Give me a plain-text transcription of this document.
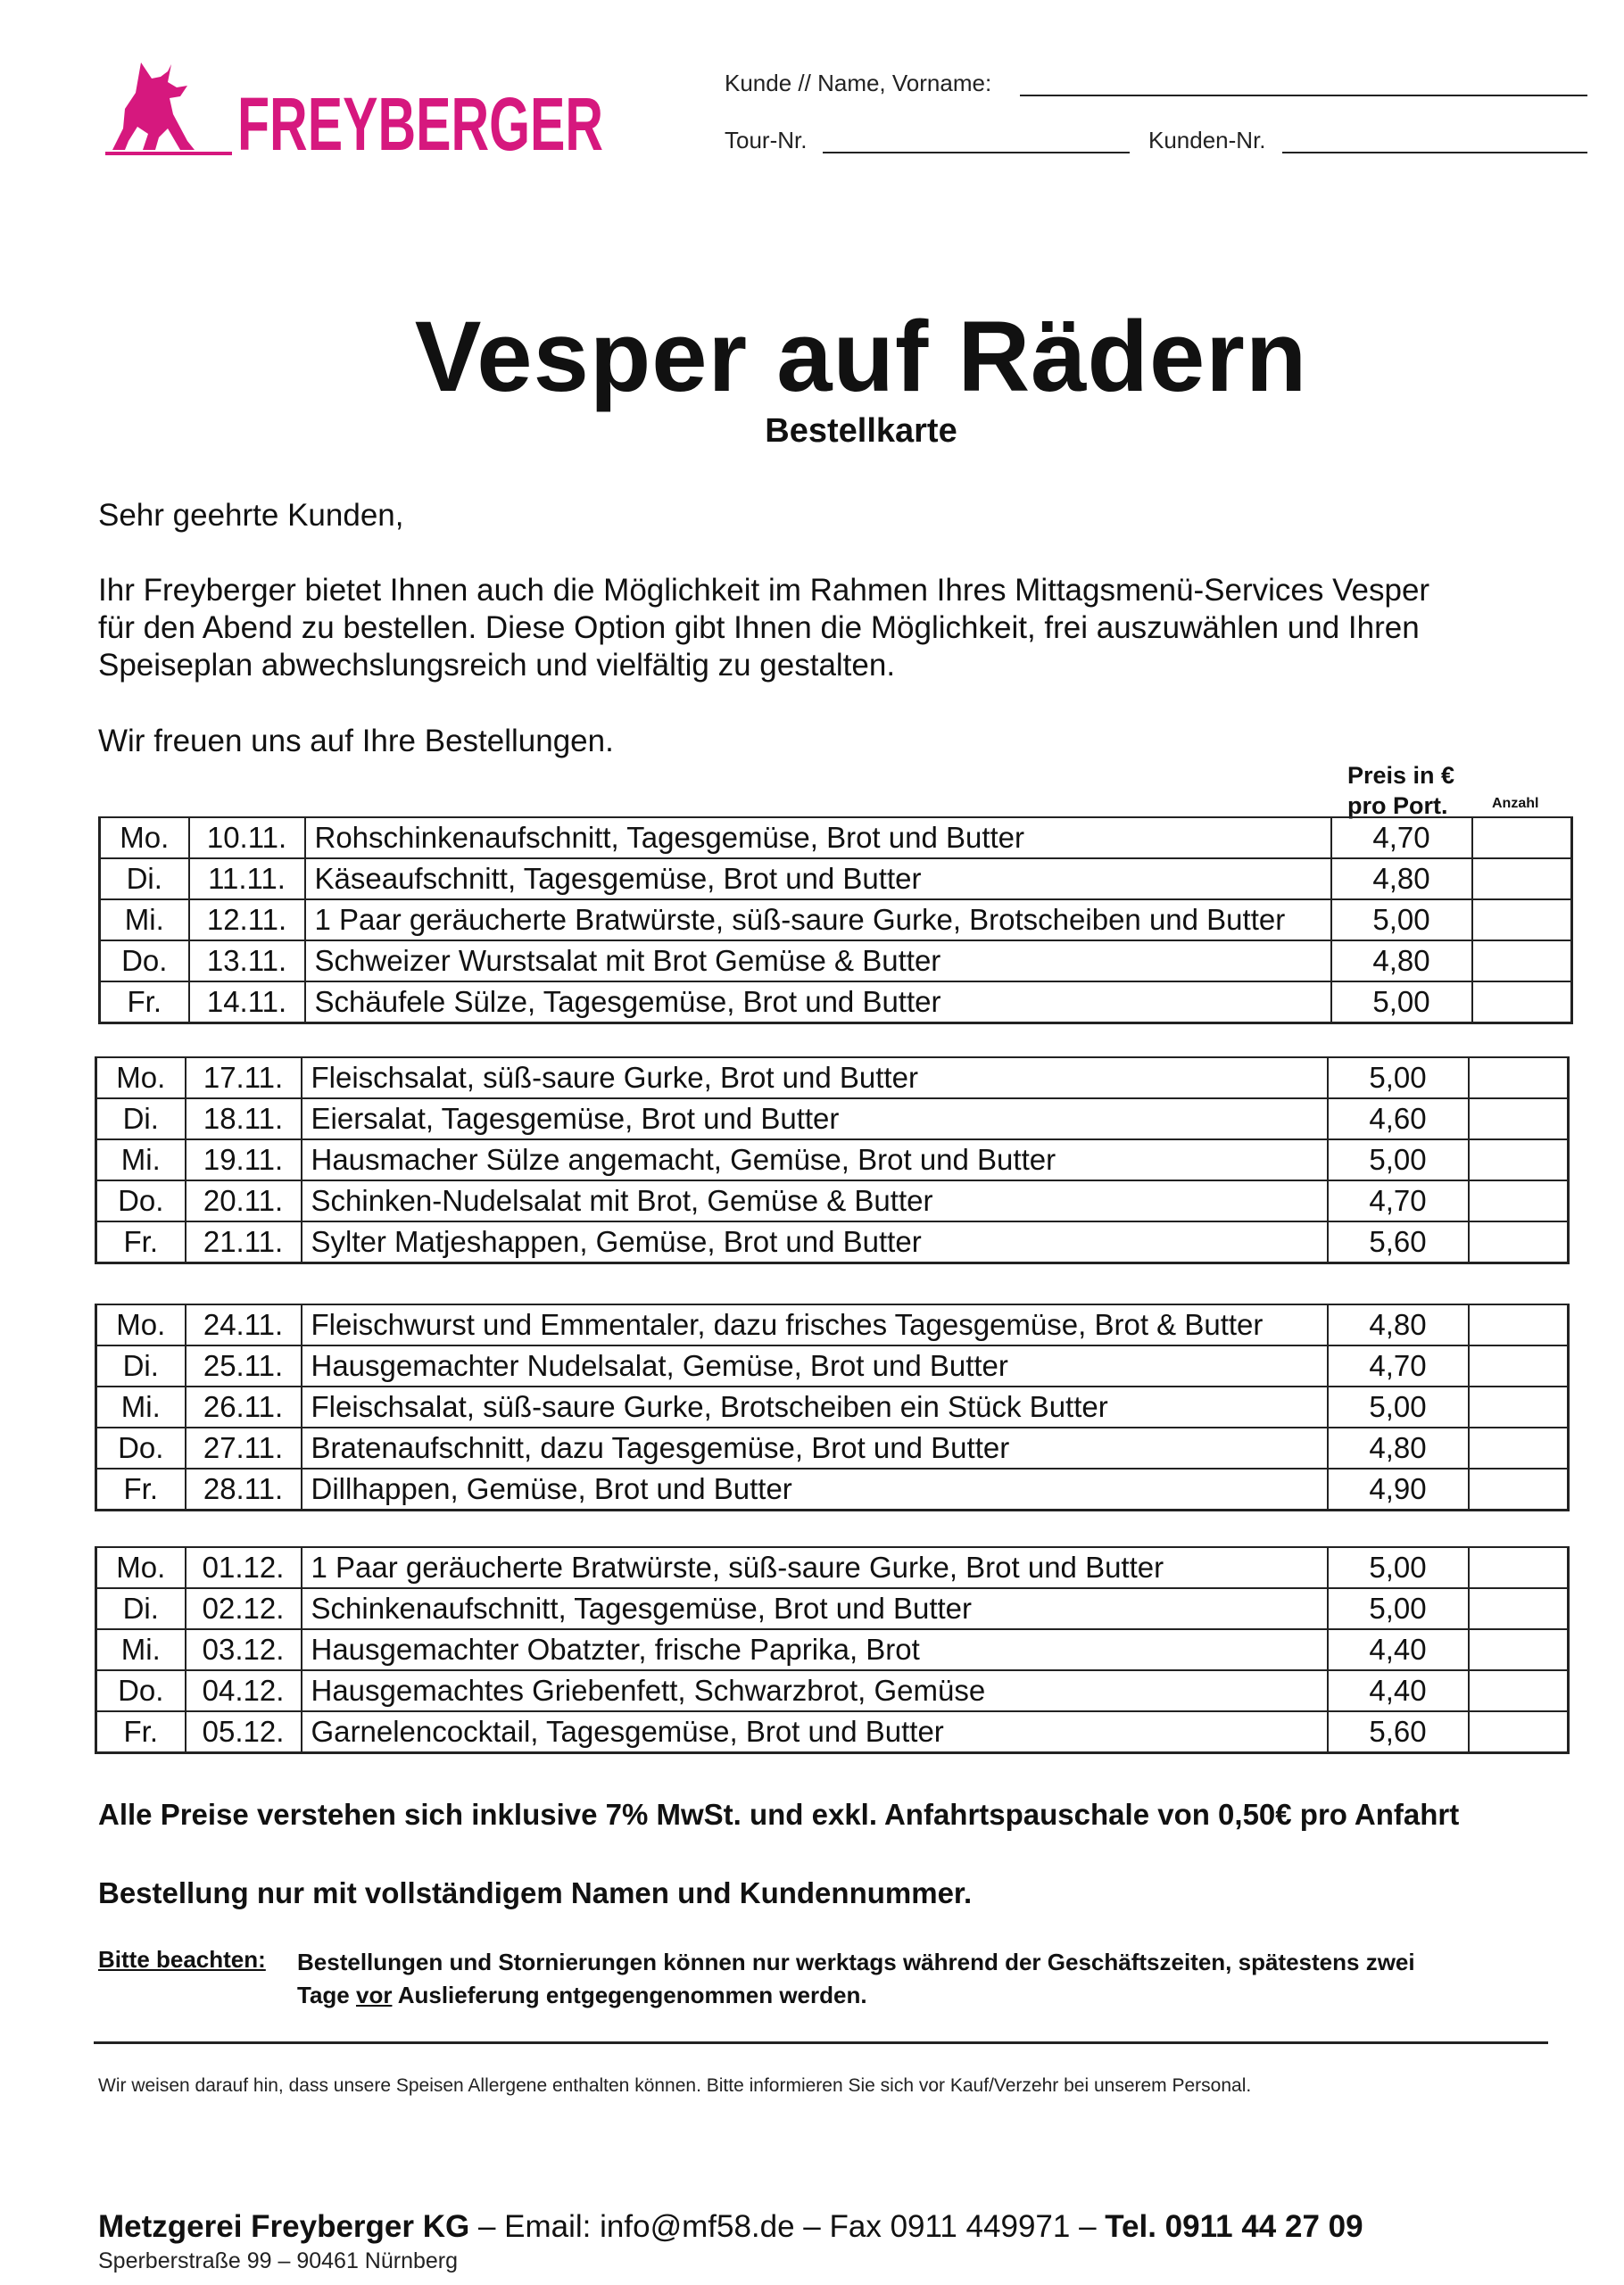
FREYBERGER	Kunde // Name, Vorname:
Tour-Nr.	Kunden-Nr.
Vesper auf Rädern
Bestellkarte
Sehr geehrte Kunden,
Ihr Freyberger bietet Ihnen auch die Möglichkeit im Rahmen Ihres Mittagsmenü-Services Vesper
für den Abend zu bestellen. Diese Option gibt Ihnen die Möglichkeit, frei auszuwählen und Ihren
Speiseplan abwechslungsreich und vielfältig zu gestalten.
Wir freuen uns auf Ihre Bestellungen.
Preis in €
pro Port.	Anzahl
Mo.	10.11.	Rohschinkenaufschnitt, Tagesgemüse, Brot und Butter	4,70	
Di.	11.11.	Käseaufschnitt, Tagesgemüse, Brot und Butter	4,80	
Mi.	12.11.	1 Paar geräucherte Bratwürste, süß-saure Gurke, Brotscheiben und Butter	5,00	
Do.	13.11.	Schweizer Wurstsalat mit Brot Gemüse & Butter	4,80	
Fr.	14.11.	Schäufele Sülze, Tagesgemüse, Brot und Butter	5,00	
Mo.	17.11.	Fleischsalat, süß-saure Gurke, Brot und Butter	5,00	
Di.	18.11.	Eiersalat, Tagesgemüse, Brot und Butter	4,60	
Mi.	19.11.	Hausmacher Sülze angemacht, Gemüse, Brot und Butter	5,00	
Do.	20.11.	Schinken-Nudelsalat mit Brot, Gemüse & Butter	4,70	
Fr.	21.11.	Sylter Matjeshappen, Gemüse, Brot und Butter	5,60	
Mo.	24.11.	Fleischwurst und Emmentaler, dazu frisches Tagesgemüse, Brot & Butter	4,80	
Di.	25.11.	Hausgemachter Nudelsalat, Gemüse, Brot und Butter	4,70	
Mi.	26.11.	Fleischsalat, süß-saure Gurke, Brotscheiben ein Stück Butter	5,00	
Do.	27.11.	Bratenaufschnitt, dazu Tagesgemüse, Brot und Butter	4,80	
Fr.	28.11.	Dillhappen, Gemüse, Brot und Butter	4,90	
Mo.	01.12.	1 Paar geräucherte Bratwürste, süß-saure Gurke, Brot und Butter	5,00	
Di.	02.12.	Schinkenaufschnitt, Tagesgemüse, Brot und Butter	5,00	
Mi.	03.12.	Hausgemachter Obatzter, frische Paprika, Brot	4,40	
Do.	04.12.	Hausgemachtes Griebenfett, Schwarzbrot, Gemüse	4,40	
Fr.	05.12.	Garnelencocktail, Tagesgemüse, Brot und Butter	5,60	
Alle Preise verstehen sich inklusive 7% MwSt. und exkl. Anfahrtspauschale von 0,50€ pro Anfahrt
Bestellung nur mit vollständigem Namen und Kundennummer.
Bitte beachten: Bestellungen und Stornierungen können nur werktags während der Geschäftszeiten, spätestens zwei
Tage vor Auslieferung entgegengenommen werden.
Wir weisen darauf hin, dass unsere Speisen Allergene enthalten können. Bitte informieren Sie sich vor Kauf/Verzehr bei unserem Personal.
Metzgerei Freyberger KG – Email: info@mf58.de – Fax 0911 449971 – Tel. 0911 44 27 09
Sperberstraße 99 – 90461 Nürnberg
